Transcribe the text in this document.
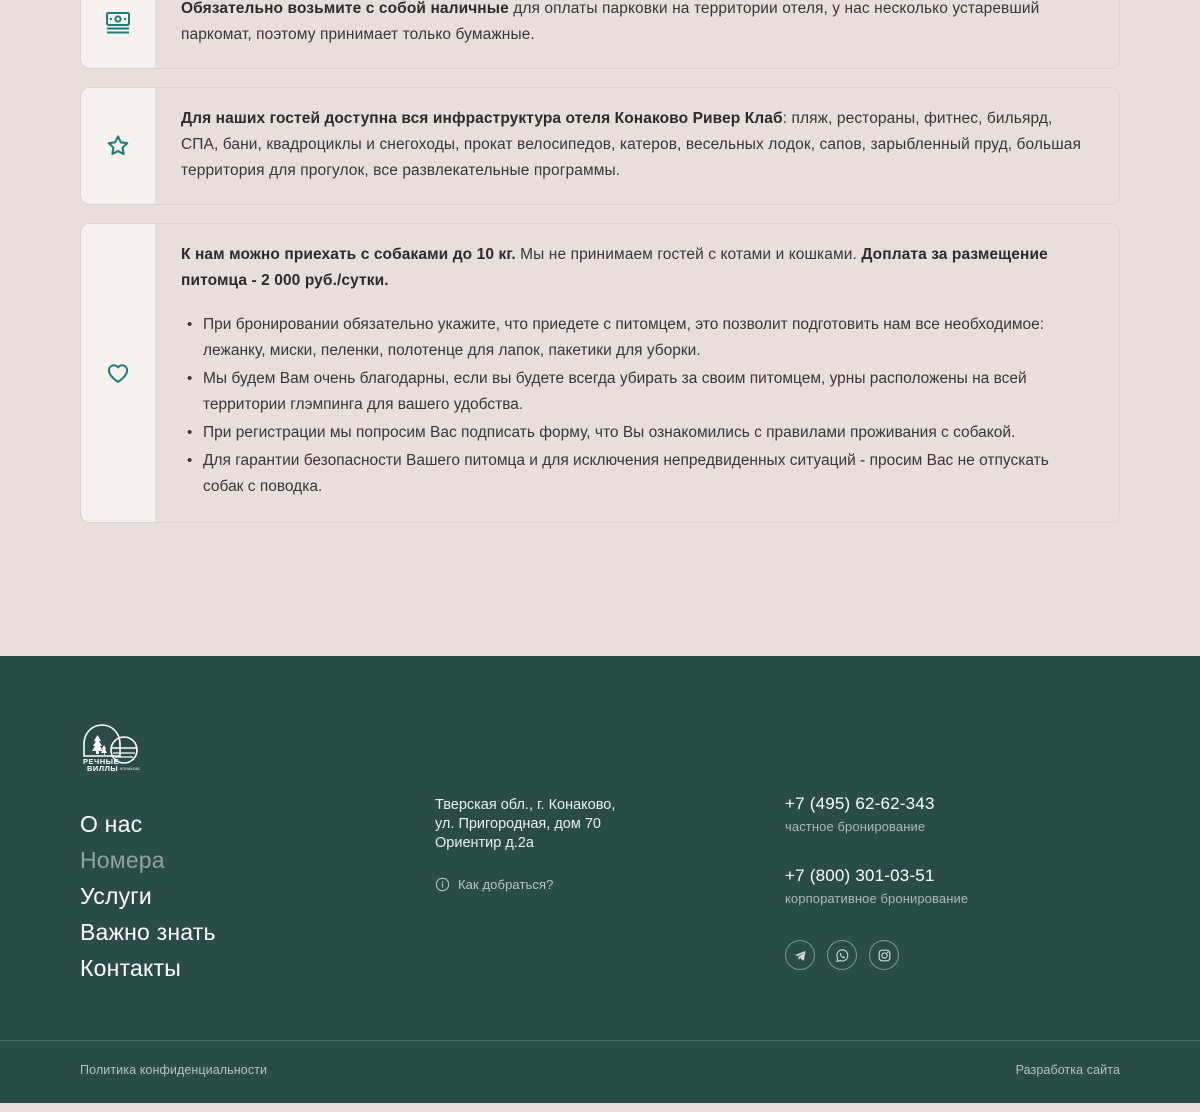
Обязательно возьмите с собой наличные для оплаты парковки на территории отеля, у нас несколько устаревший паркомат, поэтому принимает только бумажные.

Для наших гостей доступна вся инфраструктура отеля Конаково Ривер Клаб: пляж, рестораны, фитнес, бильярд, СПА, бани, квадроциклы и снегоходы, прокат велосипедов, катеров, весельных лодок, сапов, зарыбленный пруд, большая территория для прогулок, все развлекательные программы.

К нам можно приехать с собаками до 10 кг. Мы не принимаем гостей с котами и кошками. Доплата за размещение питомца - 2 000 руб./сутки.

• При бронировании обязательно укажите, что приедете с питомцем, это позволит подготовить нам все необходимое: лежанку, миски, пеленки, полотенце для лапок, пакетики для уборки.
• Мы будем Вам очень благодарны, если вы будете всегда убирать за своим питомцем, урны расположены на всей территории глэмпинга для вашего удобства.
• При регистрации мы попросим Вас подписать форму, что Вы ознакомились с правилами проживания с собакой.
• Для гарантии безопасности Вашего питомца и для исключения непредвиденных ситуаций - просим Вас не отпускать собак с поводка.
РЕЧНЫЕ
ВИЛЛЫ КОНАКОВО
О нас
Номера
Услуги
Важно знать
Контакты
Тверская обл., г. Конаково,
ул. Пригородная, дом 70
Ориентир д.2а
Как добраться?
+7 (495) 62-62-343
частное бронирование
+7 (800) 301-03-51
корпоративное бронирование
Политика конфиденциальности	Разработка сайта
